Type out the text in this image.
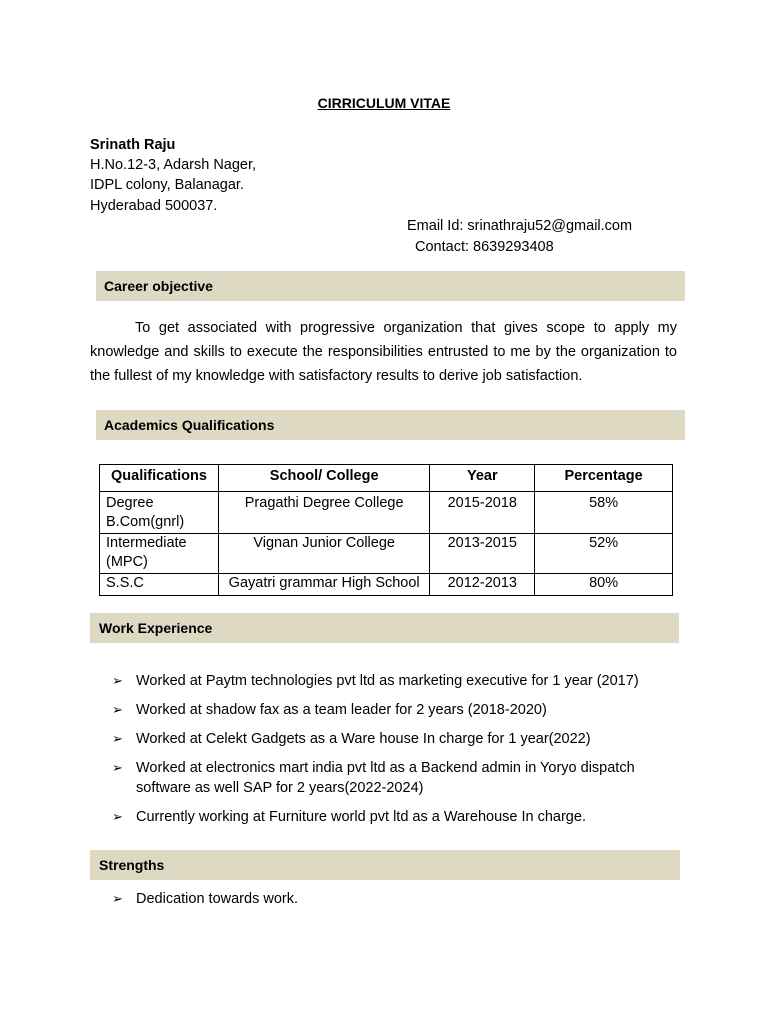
CIRRICULUM VITAE
Srinath Raju
H.No.12-3, Adarsh Nager,
IDPL colony, Balanagar.
Hyderabad 500037.
Email Id: srinathraju52@gmail.com
Contact: 8639293408
Career objective
To get associated with progressive organization that gives scope to apply my knowledge and skills to execute the responsibilities entrusted to me by the organization to the fullest of my knowledge with satisfactory results to derive job satisfaction.
Academics Qualifications
Qualifications	School/ College	Year	Percentage

Degree
B.Com(gnrl)	Pragathi Degree College	2015-2018	58%

Intermediate
(MPC)	Vignan Junior College	2013-2015	52%

S.S.C	Gayatri grammar High School	2012-2013	80%
Work Experience
➢ Worked at Paytm technologies pvt ltd as marketing executive for 1 year (2017)
➢ Worked at shadow fax as a team leader for 2 years (2018-2020)
➢ Worked at Celekt Gadgets as a Ware house In charge for 1 year(2022)
➢ Worked at electronics mart india pvt ltd as a Backend admin in Yoryo dispatch software as well SAP for 2 years(2022-2024)
➢ Currently working at Furniture world pvt ltd as a Warehouse In charge.
Strengths
➢ Dedication towards work.
